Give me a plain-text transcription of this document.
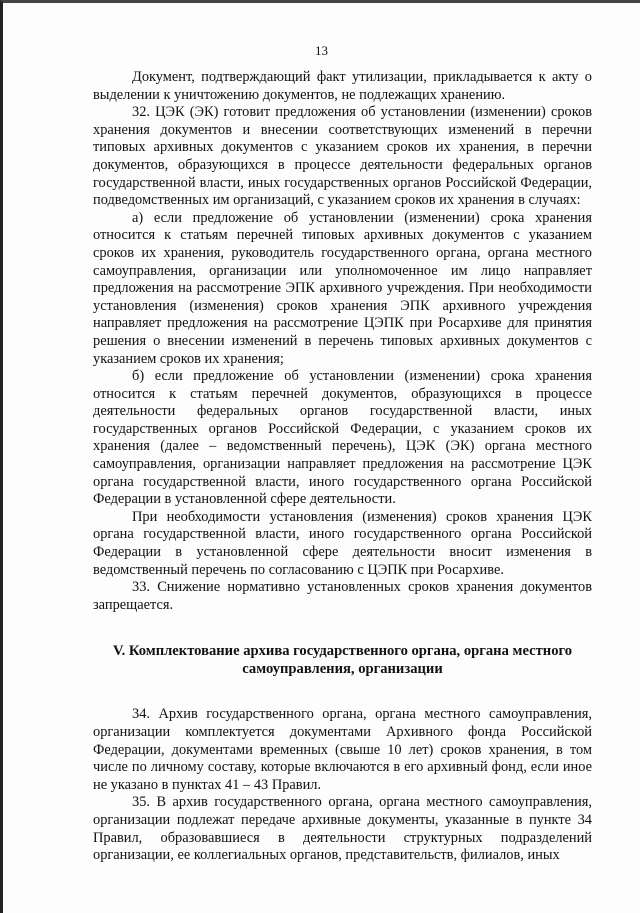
13

Документ, подтверждающий факт утилизации, прикладывается к акту о выделении к уничтожению документов, не подлежащих хранению.

32. ЦЭК (ЭК) готовит предложения об установлении (изменении) сроков хранения документов и внесении соответствующих изменений в перечни типовых архивных документов с указанием сроков их хранения, в перечни документов, образующихся в процессе деятельности федеральных органов государственной власти, иных государственных органов Российской Федерации, подведомственных им организаций, с указанием сроков их хранения в случаях:

а) если предложение об установлении (изменении) срока хранения относится к статьям перечней типовых архивных документов с указанием сроков их хранения, руководитель государственного органа, органа местного самоуправления, организации или уполномоченное им лицо направляет предложения на рассмотрение ЭПК архивного учреждения. При необходимости установления (изменения) сроков хранения ЭПК архивного учреждения направляет предложения на рассмотрение ЦЭПК при Росархиве для принятия решения о внесении изменений в перечень типовых архивных документов с указанием сроков их хранения;

б) если предложение об установлении (изменении) срока хранения относится к статьям перечней документов, образующихся в процессе деятельности федеральных органов государственной власти, иных государственных органов Российской Федерации, с указанием сроков их хранения (далее – ведомственный перечень), ЦЭК (ЭК) органа местного самоуправления, организации направляет предложения на рассмотрение ЦЭК органа государственной власти, иного государственного органа Российской Федерации в установленной сфере деятельности.

При необходимости установления (изменения) сроков хранения ЦЭК органа государственной власти, иного государственного органа Российской Федерации в установленной сфере деятельности вносит изменения в ведомственный перечень по согласованию с ЦЭПК при Росархиве.

33. Снижение нормативно установленных сроков хранения документов запрещается.

V. Комплектование архива государственного органа, органа местного самоуправления, организации

34. Архив государственного органа, органа местного самоуправления, организации комплектуется документами Архивного фонда Российской Федерации, документами временных (свыше 10 лет) сроков хранения, в том числе по личному составу, которые включаются в его архивный фонд, если иное не указано в пунктах 41 – 43 Правил.

35. В архив государственного органа, органа местного самоуправления, организации подлежат передаче архивные документы, указанные в пункте 34 Правил, образовавшиеся в деятельности структурных подразделений организации, ее коллегиальных органов, представительств, филиалов, иных
